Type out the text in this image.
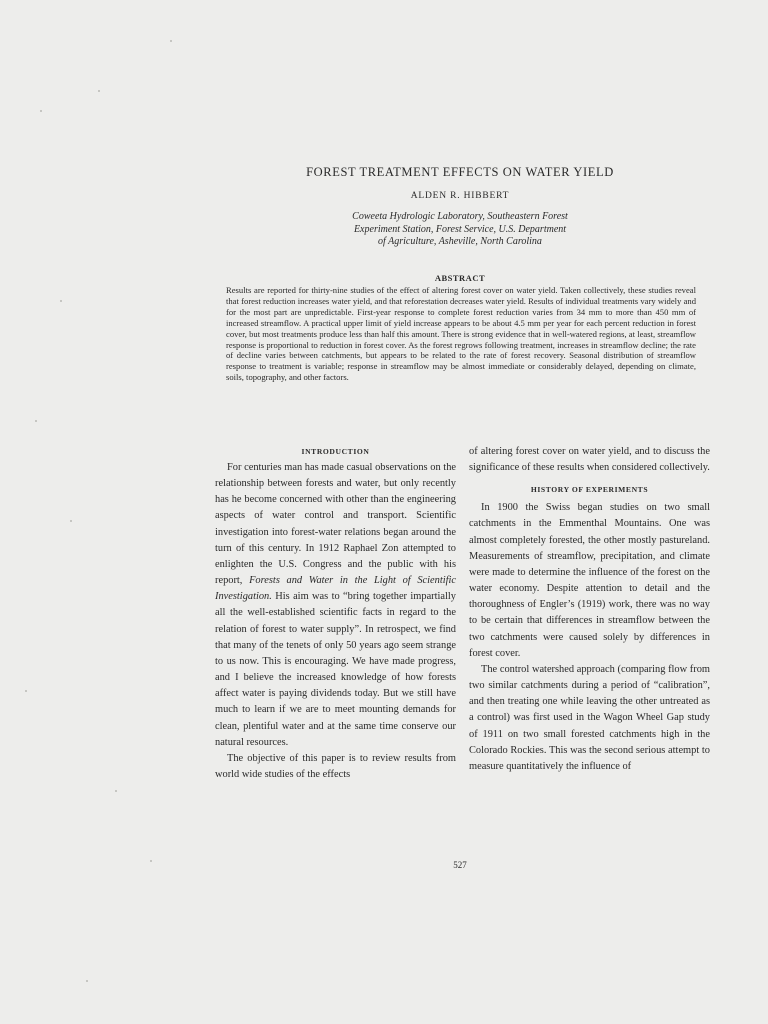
FOREST TREATMENT EFFECTS ON WATER YIELD

ALDEN R. HIBBERT

Coweeta Hydrologic Laboratory, Southeastern Forest
Experiment Station, Forest Service, U.S. Department
of Agriculture, Asheville, North Carolina
ABSTRACT

Results are reported for thirty-nine studies of the effect of altering forest cover on water yield. Taken collectively, these studies reveal that forest reduction increases water yield, and that reforestation decreases water yield. Results of individual treatments vary widely and for the most part are unpredictable. First-year response to complete forest reduction varies from 34 mm to more than 450 mm of increased streamflow. A practical upper limit of yield increase appears to be about 4.5 mm per year for each percent reduction in forest cover, but most treatments produce less than half this amount. There is strong evidence that in well-watered regions, at least, streamflow response is proportional to reduction in forest cover. As the forest regrows following treatment, increases in streamflow decline; the rate of decline varies between catchments, but appears to be related to the rate of forest recovery. Seasonal distribution of streamflow response to treatment is variable; response in streamflow may be almost immediate or considerably delayed, depending on climate, soils, topography, and other factors.

INTRODUCTION

For centuries man has made casual observations on the relationship between forests and water, but only recently has he become concerned with other than the engineering aspects of water control and transport. Scientific investigation into forest-water relations began around the turn of this century. In 1912 Raphael Zon attempted to enlighten the U.S. Congress and the public with his report, Forests and Water in the Light of Scientific Investigation. His aim was to “bring together impartially all the well-established scientific facts in regard to the relation of forest to water supply”. In retrospect, we find that many of the tenets of only 50 years ago seem strange to us now. This is encouraging. We have made progress, and I believe the increased knowledge of how forests affect water is paying dividends today. But we still have much to learn if we are to meet mounting demands for clean, plentiful water and at the same time conserve our natural resources.

The objective of this paper is to review results from world wide studies of the effects

of altering forest cover on water yield, and to discuss the significance of these results when considered collectively.

HISTORY OF EXPERIMENTS

In 1900 the Swiss began studies on two small catchments in the Emmenthal Mountains. One was almost completely forested, the other mostly pastureland. Measurements of streamflow, precipitation, and climate were made to determine the influence of the forest on the water economy. Despite attention to detail and the thoroughness of Engler’s (1919) work, there was no way to be certain that differences in streamflow between the two catchments were caused solely by differences in forest cover.

The control watershed approach (comparing flow from two similar catchments during a period of “calibration”, and then treating one while leaving the other untreated as a control) was first used in the Wagon Wheel Gap study of 1911 on two small forested catchments high in the Colorado Rockies. This was the second serious attempt to measure quantitatively the influence of

527
